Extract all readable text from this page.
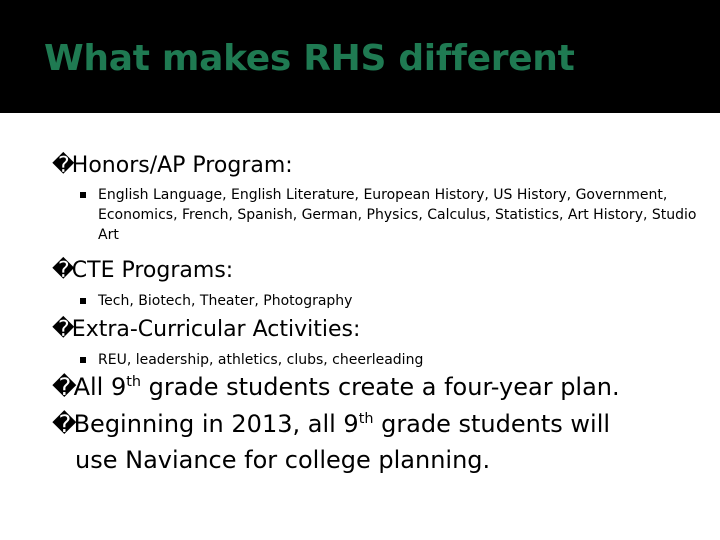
What makes RHS different
�Honors/AP Program:
English Language, English Literature, European History, US History, Government, Economics, French, Spanish, German, Physics, Calculus, Statistics, Art History, Studio Art
�CTE Programs:
Tech, Biotech, Theater, Photography
�Extra-Curricular Activities:
REU, leadership, athletics, clubs, cheerleading
�All 9th grade students create a four-year plan.
�Beginning in 2013, all 9th grade students will
use Naviance for college planning.
